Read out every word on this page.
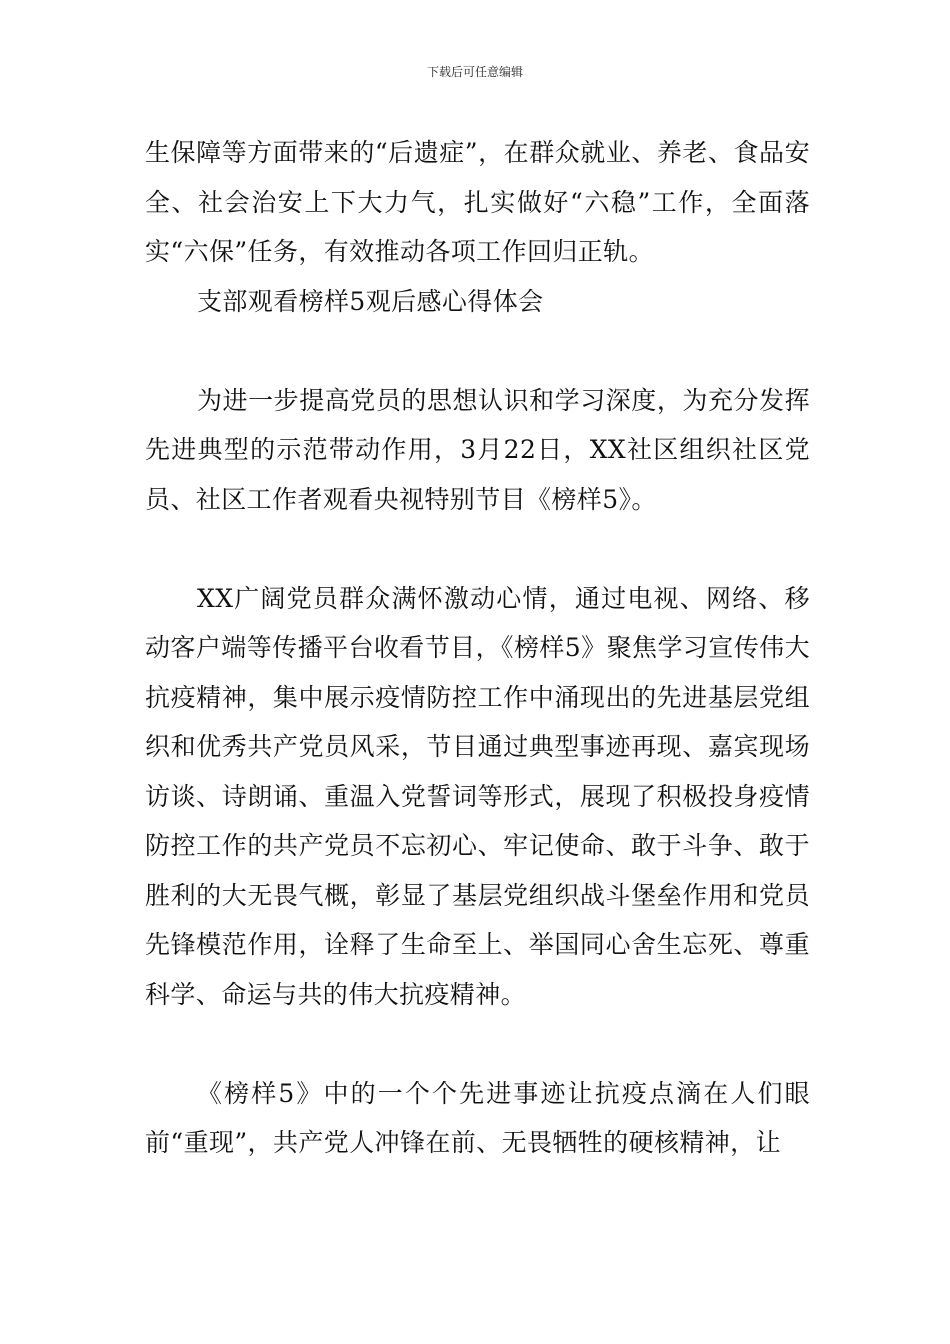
下载后可任意编辑

生保障等方面带来的“后遗症”，在群众就业、养老、食品安全、社会治安上下大力气，扎实做好“六稳”工作，全面落实“六保”任务，有效推动各项工作回归正轨。

支部观看榜样5观后感心得体会

为进一步提高党员的思想认识和学习深度，为充分发挥先进典型的示范带动作用，3月22日，XX社区组织社区党员、社区工作者观看央视特别节目《榜样5》。

XX广阔党员群众满怀激动心情，通过电视、网络、移动客户端等传播平台收看节目，《榜样5》聚焦学习宣传伟大抗疫精神，集中展示疫情防控工作中涌现出的先进基层党组织和优秀共产党员风采，节目通过典型事迹再现、嘉宾现场访谈、诗朗诵、重温入党誓词等形式，展现了积极投身疫情防控工作的共产党员不忘初心、牢记使命、敢于斗争、敢于胜利的大无畏气概，彰显了基层党组织战斗堡垒作用和党员先锋模范作用，诠释了生命至上、举国同心舍生忘死、尊重科学、命运与共的伟大抗疫精神。

《榜样5》中的一个个先进事迹让抗疫点滴在人们眼前“重现”，共产党人冲锋在前、无畏牺牲的硬核精神，让
